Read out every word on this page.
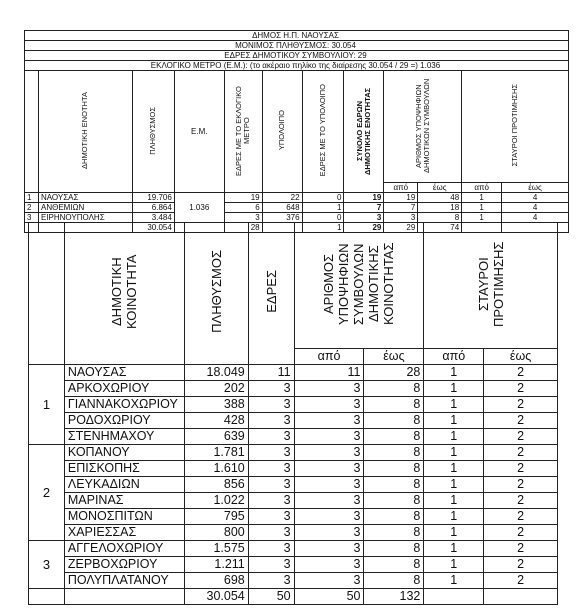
ΔΗΜΟΣ Η.Π. ΝΑΟΥΣΑΣ											
ΜΟΝΙΜΟΣ ΠΛΗΘΥΣΜΟΣ: 30.054											
ΕΔΡΕΣ ΔΗΜΟΤΙΚΟΥ ΣΥΜΒΟΥΛΙΟΥ: 29											
ΕΚΛΟΓΙΚΟ ΜΕΤΡΟ (Ε.Μ.): (το ακέραιο πηλίκο της διαίρεσης 30.054 / 29 =) 1.036											
	ΔΗΜΟΤΙΚΗ ΕΝΟΤΗΤΑ	ΠΛΗΘΥΣΜΟΣ	Ε.Μ.	ΕΔΡΕΣ ΜΕ ΤΟ ΕΚΛΟΓΙΚΟ ΜΕΤΡΟ	ΥΠΟΛΟΙΠΟ	ΕΔΡΕΣ ΜΕ ΤΟ ΥΠΟΛΟΙΠΟ	ΣΥΝΟΛΟ ΕΔΡΩΝ ΔΗΜΟΤΙΚΗΣ ΕΝΟΤΗΤΑΣ	ΑΡΙΘΜΟΣ ΥΠΟΨΗΦΙΩΝ ΔΗΜΟΤΙΚΩΝ ΣΥΜΒΟΥΛΩΝ		ΣΤΑΥΡΟΙ ΠΡΟΤΙΜΗΣΗΣ	
								από	έως	από	έως
1	ΝΑΟΥΣΑΣ	19.706	1.036	19	22	0	19	19	48	1	4
2	ΑΝΘΕΜΙΩΝ	6.864		6	648	1	7	7	18	1	4
3	ΕΙΡΗΝΟΥΠΟΛΗΣ	3.484		3	376	0	3	3	8	1	4
		30.054		28		1	29	29	74		
	ΔΗΜΟΤΙΚΗ ΚΟΙΝΟΤΗΤΑ	ΠΛΗΘΥΣΜΟΣ	ΕΔΡΕΣ	ΑΡΙΘΜΟΣ ΥΠΟΨΗΦΙΩΝ ΣΥΜΒΟΥΛΩΝ ΔΗΜΟΤΙΚΗΣ ΚΟΙΝΟΤΗΤΑΣ		ΣΤΑΥΡΟΙ ΠΡΟΤΙΜΗΣΗΣ	
				από	έως	από	έως
1	ΝΑΟΥΣΑΣ	18.049	11	11	28	1	2
	ΑΡΚΟΧΩΡΙΟΥ	202	3	3	8	1	2
	ΓΙΑΝΝΑΚΟΧΩΡΙΟΥ	388	3	3	8	1	2
	ΡΟΔΟΧΩΡΙΟΥ	428	3	3	8	1	2
	ΣΤΕΝΗΜΑΧΟΥ	639	3	3	8	1	2
2	ΚΟΠΑΝΟΥ	1.781	3	3	8	1	2
	ΕΠΙΣΚΟΠΗΣ	1.610	3	3	8	1	2
	ΛΕΥΚΑΔΙΩΝ	856	3	3	8	1	2
	ΜΑΡΙΝΑΣ	1.022	3	3	8	1	2
	ΜΟΝΟΣΠΙΤΩΝ	795	3	3	8	1	2
	ΧΑΡΙΕΣΣΑΣ	800	3	3	8	1	2
3	ΑΓΓΕΛΟΧΩΡΙΟΥ	1.575	3	3	8	1	2
	ΖΕΡΒΟΧΩΡΙΟΥ	1.211	3	3	8	1	2
	ΠΟΛΥΠΛΑΤΑΝΟΥ	698	3	3	8	1	2
		30.054	50	50	132		
